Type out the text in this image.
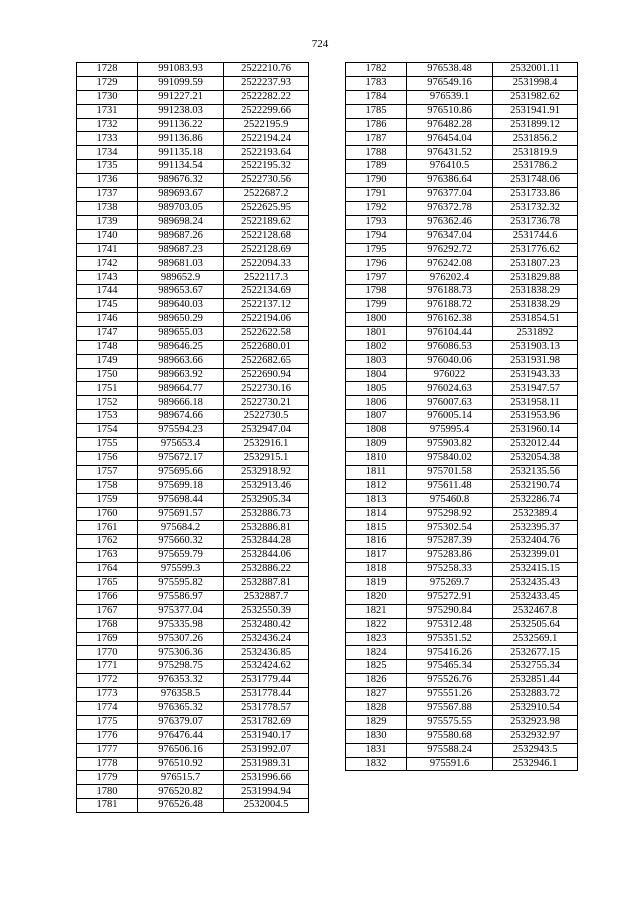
724
1728	991083.93	2522210.76
1729	991099.59	2522237.93
1730	991227.21	2522282.22
1731	991238.03	2522299.66
1732	991136.22	2522195.9
1733	991136.86	2522194.24
1734	991135.18	2522193.64
1735	991134.54	2522195.32
1736	989676.32	2522730.56
1737	989693.67	2522687.2
1738	989703.05	2522625.95
1739	989698.24	2522189.62
1740	989687.26	2522128.68
1741	989687.23	2522128.69
1742	989681.03	2522094.33
1743	989652.9	2522117.3
1744	989653.67	2522134.69
1745	989640.03	2522137.12
1746	989650.29	2522194.06
1747	989655.03	2522622.58
1748	989646.25	2522680.01
1749	989663.66	2522682.65
1750	989663.92	2522690.94
1751	989664.77	2522730.16
1752	989666.18	2522730.21
1753	989674.66	2522730.5
1754	975594.23	2532947.04
1755	975653.4	2532916.1
1756	975672.17	2532915.1
1757	975695.66	2532918.92
1758	975699.18	2532913.46
1759	975698.44	2532905.34
1760	975691.57	2532886.73
1761	975684.2	2532886.81
1762	975660.32	2532844.28
1763	975659.79	2532844.06
1764	975599.3	2532886.22
1765	975595.82	2532887.81
1766	975586.97	2532887.7
1767	975377.04	2532550.39
1768	975335.98	2532480.42
1769	975307.26	2532436.24
1770	975306.36	2532436.85
1771	975298.75	2532424.62
1772	976353.32	2531779.44
1773	976358.5	2531778.44
1774	976365.32	2531778.57
1775	976379.07	2531782.69
1776	976476.44	2531940.17
1777	976506.16	2531992.07
1778	976510.92	2531989.31
1779	976515.7	2531996.66
1780	976520.82	2531994.94
1781	976526.48	2532004.5
1782	976538.48	2532001.11
1783	976549.16	2531998.4
1784	976539.1	2531982.62
1785	976510.86	2531941.91
1786	976482.28	2531899.12
1787	976454.04	2531856.2
1788	976431.52	2531819.9
1789	976410.5	2531786.2
1790	976386.64	2531748.06
1791	976377.04	2531733.86
1792	976372.78	2531732.32
1793	976362.46	2531736.78
1794	976347.04	2531744.6
1795	976292.72	2531776.62
1796	976242.08	2531807.23
1797	976202.4	2531829.88
1798	976188.73	2531838.29
1799	976188.72	2531838.29
1800	976162.38	2531854.51
1801	976104.44	2531892
1802	976086.53	2531903.13
1803	976040.06	2531931.98
1804	976022	2531943.33
1805	976024.63	2531947.57
1806	976007.63	2531958.11
1807	976005.14	2531953.96
1808	975995.4	2531960.14
1809	975903.82	2532012.44
1810	975840.02	2532054.38
1811	975701.58	2532135.56
1812	975611.48	2532190.74
1813	975460.8	2532286.74
1814	975298.92	2532389.4
1815	975302.54	2532395.37
1816	975287.39	2532404.76
1817	975283.86	2532399.01
1818	975258.33	2532415.15
1819	975269.7	2532435.43
1820	975272.91	2532433.45
1821	975290.84	2532467.8
1822	975312.48	2532505.64
1823	975351.52	2532569.1
1824	975416.26	2532677.15
1825	975465.34	2532755.34
1826	975526.76	2532851.44
1827	975551.26	2532883.72
1828	975567.88	2532910.54
1829	975575.55	2532923.98
1830	975580.68	2532932.97
1831	975588.24	2532943.5
1832	975591.6	2532946.1
